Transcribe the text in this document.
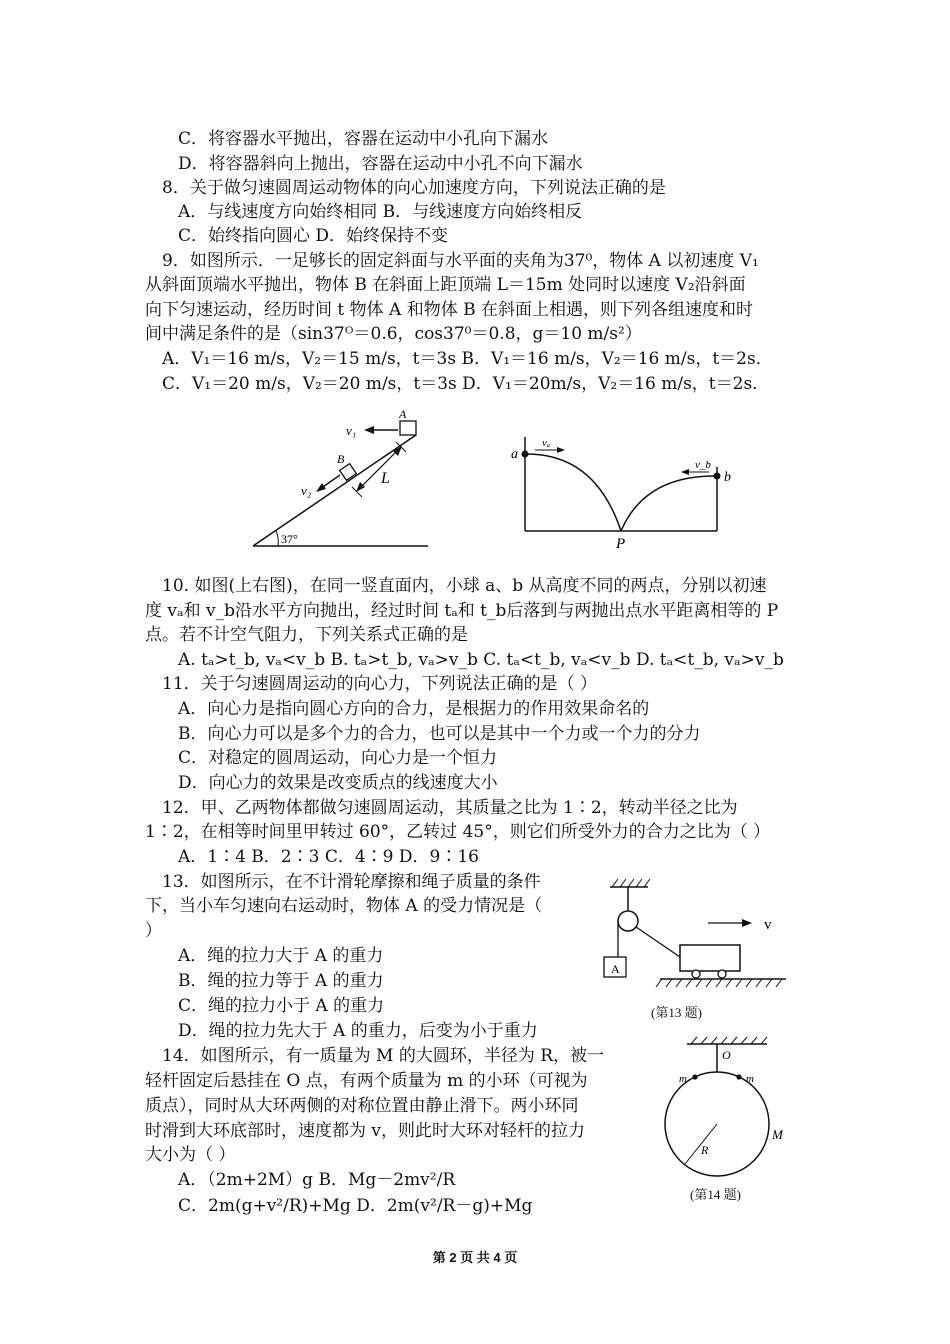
C．将容器水平抛出，容器在运动中小孔向下漏水
D．将容器斜向上抛出，容器在运动中小孔不向下漏水
8．关于做匀速圆周运动物体的向心加速度方向，下列说法正确的是
A．与线速度方向始终相同 B．与线速度方向始终相反
C．始终指向圆心 D．始终保持不变
9．如图所示．一足够长的固定斜面与水平面的夹角为37⁰，物体 A 以初速度 V₁
从斜面顶端水平抛出，物体 B 在斜面上距顶端 L＝15m 处同时以速度 V₂沿斜面
向下匀速运动，经历时间 t 物体 A 和物体 B 在斜面上相遇，则下列各组速度和时
间中满足条件的是（sin37ᴼ＝0.6，cos37⁰＝0.8，g＝10 m/s²）
A．V₁＝16 m/s，V₂＝15 m/s，t＝3s B．V₁＝16 m/s，V₂＝16 m/s，t＝2s．
C．V₁＝20 m/s，V₂＝20 m/s，t＝3s D．V₁＝20m/s，V₂＝16 m/s，t＝2s．
37°
A
v₁
B
v₂
L
a
b
vₐ
v_b
P
10. 如图(上右图)，在同一竖直面内，小球 a、b 从高度不同的两点，分别以初速
度 vₐ和 v_b沿水平方向抛出，经过时间 tₐ和 t_b后落到与两抛出点水平距离相等的 P
点。若不计空气阻力，下列关系式正确的是
A. tₐ>t_b, vₐ<v_b B. tₐ>t_b, vₐ>v_b C. tₐ<t_b, vₐ<v_b D. tₐ<t_b, vₐ>v_b
11．关于匀速圆周运动的向心力，下列说法正确的是（ ）
A．向心力是指向圆心方向的合力，是根据力的作用效果命名的
B．向心力可以是多个力的合力，也可以是其中一个力或一个力的分力
C．对稳定的圆周运动，向心力是一个恒力
D．向心力的效果是改变质点的线速度大小
12．甲、乙两物体都做匀速圆周运动，其质量之比为 1∶2，转动半径之比为
1∶2，在相等时间里甲转过 60°，乙转过 45°，则它们所受外力的合力之比为（ ）
A．1∶4 B．2∶3 C．4∶9 D．9∶16
13．如图所示，在不计滑轮摩擦和绳子质量的条件
下，当小车匀速向右运动时，物体 A 的受力情况是（
）
A．绳的拉力大于 A 的重力
B．绳的拉力等于 A 的重力
C．绳的拉力小于 A 的重力
D．绳的拉力先大于 A 的重力，后变为小于重力
A
v
(第13 题)
14．如图所示，有一质量为 M 的大圆环，半径为 R，被一
轻杆固定后悬挂在 O 点，有两个质量为 m 的小环（可视为
质点），同时从大环两侧的对称位置由静止滑下。两小环同
时滑到大环底部时，速度都为 v，则此时大环对轻杆的拉力
大小为（ ）
A．（2m+2M）g B．Mg－2mv²/R
C．2m(g+v²/R)+Mg D．2m(v²/R－g)+Mg
O
m	m
R
M
(第14 题)
第 2 页 共 4 页
